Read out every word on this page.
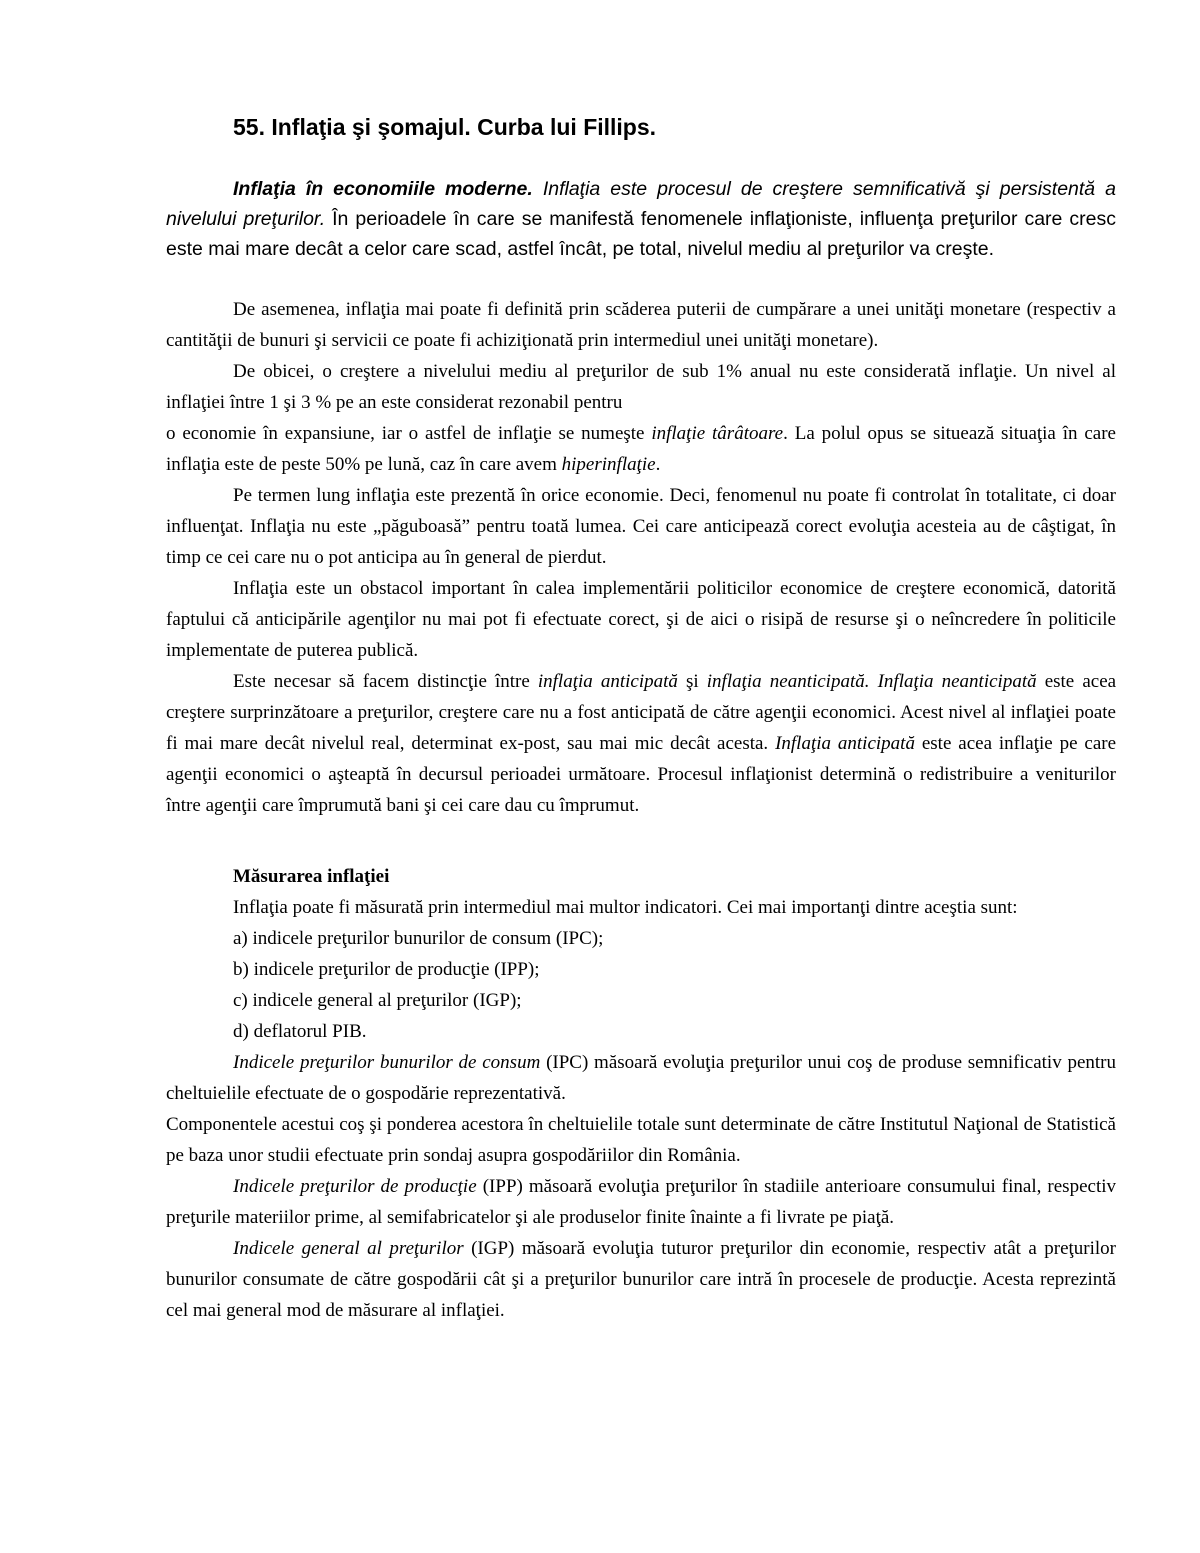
55. Inflaţia şi şomajul. Curba lui Fillips.

Inflaţia în economiile moderne. Inflaţia este procesul de creştere semnificativă şi persistentă a nivelului preţurilor. În perioadele în care se manifestă fenomenele inflaţioniste, influenţa preţurilor care cresc este mai mare decât a celor care scad, astfel încât, pe total, nivelul mediu al preţurilor va creşte.

De asemenea, inflaţia mai poate fi definită prin scăderea puterii de cumpărare a unei unităţi monetare (respectiv a cantităţii de bunuri şi servicii ce poate fi achiziţionată prin intermediul unei unităţi monetare).

De obicei, o creştere a nivelului mediu al preţurilor de sub 1% anual nu este considerată inflaţie. Un nivel al inflaţiei între 1 şi 3 % pe an este considerat rezonabil pentru

o economie în expansiune, iar o astfel de inflaţie se numeşte inflaţie târâtoare. La polul opus se situează situaţia în care inflaţia este de peste 50% pe lună, caz în care avem hiperinflaţie.

Pe termen lung inflaţia este prezentă în orice economie. Deci, fenomenul nu poate fi controlat în totalitate, ci doar influenţat. Inflaţia nu este „păguboasă” pentru toată lumea. Cei care anticipează corect evoluţia acesteia au de câştigat, în timp ce cei care nu o pot anticipa au în general de pierdut.

Inflaţia este un obstacol important în calea implementării politicilor economice de creştere economică, datorită faptului că anticipările agenţilor nu mai pot fi efectuate corect, şi de aici o risipă de resurse şi o neîncredere în politicile implementate de puterea publică.

Este necesar să facem distincţie între inflaţia anticipată şi inflaţia neanticipată. Inflaţia neanticipată este acea creştere surprinzătoare a preţurilor, creştere care nu a fost anticipată de către agenţii economici. Acest nivel al inflaţiei poate fi mai mare decât nivelul real, determinat ex-post, sau mai mic decât acesta. Inflaţia anticipată este acea inflaţie pe care agenţii economici o aşteaptă în decursul perioadei următoare. Procesul inflaţionist determină o redistribuire a veniturilor între agenţii care împrumută bani şi cei care dau cu împrumut.

Măsurarea inflaţiei

Inflaţia poate fi măsurată prin intermediul mai multor indicatori. Cei mai importanţi dintre aceştia sunt:

a) indicele preţurilor bunurilor de consum (IPC);

b) indicele preţurilor de producţie (IPP);

c) indicele general al preţurilor (IGP);

d) deflatorul PIB.

Indicele preţurilor bunurilor de consum (IPC) măsoară evoluţia preţurilor unui coş de produse semnificativ pentru cheltuielile efectuate de o gospodărie reprezentativă.

Componentele acestui coş şi ponderea acestora în cheltuielile totale sunt determinate de către Institutul Naţional de Statistică pe baza unor studii efectuate prin sondaj asupra gospodăriilor din România.

Indicele preţurilor de producţie (IPP) măsoară evoluţia preţurilor în stadiile anterioare consumului final, respectiv preţurile materiilor prime, al semifabricatelor şi ale produselor finite înainte a fi livrate pe piaţă.

Indicele general al preţurilor (IGP) măsoară evoluţia tuturor preţurilor din economie, respectiv atât a preţurilor bunurilor consumate de către gospodării cât şi a preţurilor bunurilor care intră în procesele de producţie. Acesta reprezintă cel mai general mod de măsurare al inflaţiei.
